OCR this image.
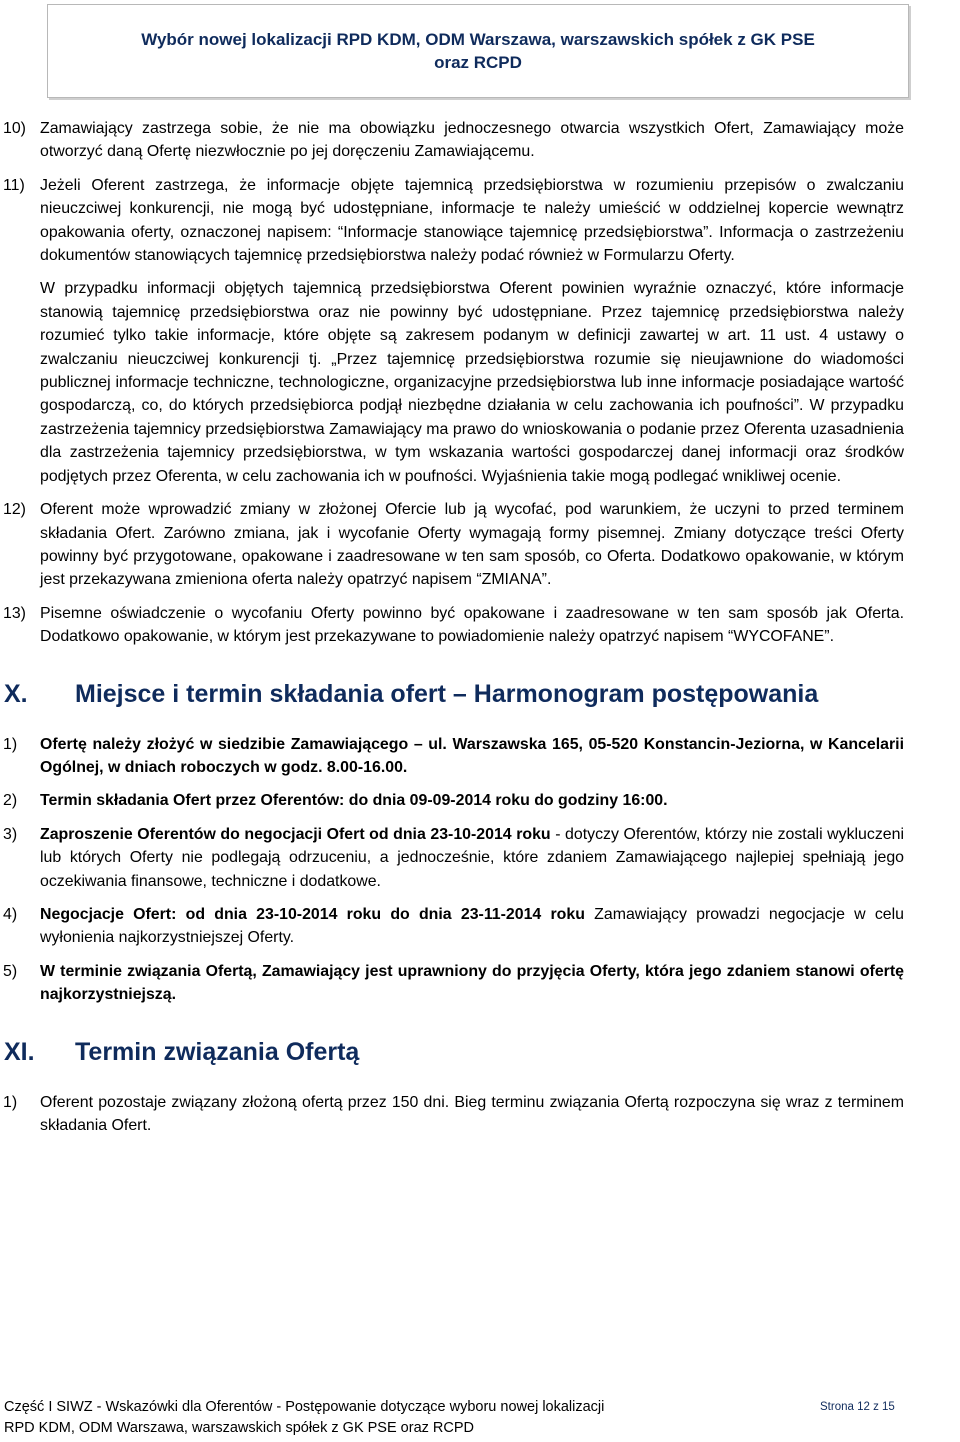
Wybór nowej lokalizacji RPD KDM, ODM Warszawa, warszawskich spółek z GK PSE
oraz RCPD
10) Zamawiający zastrzega sobie, że nie ma obowiązku jednoczesnego otwarcia wszystkich Ofert, Zamawiający może otworzyć daną Ofertę niezwłocznie po jej doręczeniu Zamawiającemu.
11) Jeżeli Oferent zastrzega, że informacje objęte tajemnicą przedsiębiorstwa w rozumieniu przepisów o zwalczaniu nieuczciwej konkurencji, nie mogą być udostępniane, informacje te należy umieścić w oddzielnej kopercie wewnątrz opakowania oferty, oznaczonej napisem: “Informacje stanowiące tajemnicę przedsiębiorstwa”. Informacja o zastrzeżeniu dokumentów stanowiących tajemnicę przedsiębiorstwa należy podać również w Formularzu Oferty.
W przypadku informacji objętych tajemnicą przedsiębiorstwa Oferent powinien wyraźnie oznaczyć, które informacje stanowią tajemnicę przedsiębiorstwa oraz nie powinny być udostępniane. Przez tajemnicę przedsiębiorstwa należy rozumieć tylko takie informacje, które objęte są zakresem podanym w definicji zawartej w art. 11 ust. 4 ustawy o zwalczaniu nieuczciwej konkurencji tj. „Przez tajemnicę przedsiębiorstwa rozumie się nieujawnione do wiadomości publicznej informacje techniczne, technologiczne, organizacyjne przedsiębiorstwa lub inne informacje posiadające wartość gospodarczą, co, do których przedsiębiorca podjął niezbędne działania w celu zachowania ich poufności”. W przypadku zastrzeżenia tajemnicy przedsiębiorstwa Zamawiający ma prawo do wnioskowania o podanie przez Oferenta uzasadnienia dla zastrzeżenia tajemnicy przedsiębiorstwa, w tym wskazania wartości gospodarczej danej informacji oraz środków podjętych przez Oferenta, w celu zachowania ich w poufności. Wyjaśnienia takie mogą podlegać wnikliwej ocenie.
12) Oferent może wprowadzić zmiany w złożonej Ofercie lub ją wycofać, pod warunkiem, że uczyni to przed terminem składania Ofert. Zarówno zmiana, jak i wycofanie Oferty wymagają formy pisemnej. Zmiany dotyczące treści Oferty powinny być przygotowane, opakowane i zaadresowane w ten sam sposób, co Oferta. Dodatkowo opakowanie, w którym jest przekazywana zmieniona oferta należy opatrzyć napisem “ZMIANA”.
13) Pisemne oświadczenie o wycofaniu Oferty powinno być opakowane i zaadresowane w ten sam sposób jak Oferta. Dodatkowo opakowanie, w którym jest przekazywane to powiadomienie należy opatrzyć napisem “WYCOFANE”.
X.	Miejsce i termin składania ofert – Harmonogram postępowania
1)	Ofertę należy złożyć w siedzibie Zamawiającego – ul. Warszawska 165, 05-520 Konstancin-Jeziorna, w Kancelarii Ogólnej, w dniach roboczych w godz. 8.00-16.00.
2)	Termin składania Ofert przez Oferentów: do dnia 09-09-2014 roku do godziny 16:00.
3)	Zaproszenie Oferentów do negocjacji Ofert od dnia 23-10-2014 roku - dotyczy Oferentów, którzy nie zostali wykluczeni lub których Oferty nie podlegają odrzuceniu, a jednocześnie, które zdaniem Zamawiającego najlepiej spełniają jego oczekiwania finansowe, techniczne i dodatkowe.
4)	Negocjacje Ofert: od dnia 23-10-2014 roku do dnia 23-11-2014 roku Zamawiający prowadzi negocjacje w celu wyłonienia najkorzystniejszej Oferty.
5)	W terminie związania Ofertą, Zamawiający jest uprawniony do przyjęcia Oferty, która jego zdaniem stanowi ofertę najkorzystniejszą.
XI.	Termin związania Ofertą
1)	Oferent pozostaje związany złożoną ofertą przez 150 dni. Bieg terminu związania Ofertą rozpoczyna się wraz z terminem składania Ofert.
Część I SIWZ - Wskazówki dla Oferentów - Postępowanie dotyczące wyboru nowej lokalizacji
RPD KDM, ODM Warszawa, warszawskich spółek z GK PSE oraz RCPD
Strona 12 z 15
